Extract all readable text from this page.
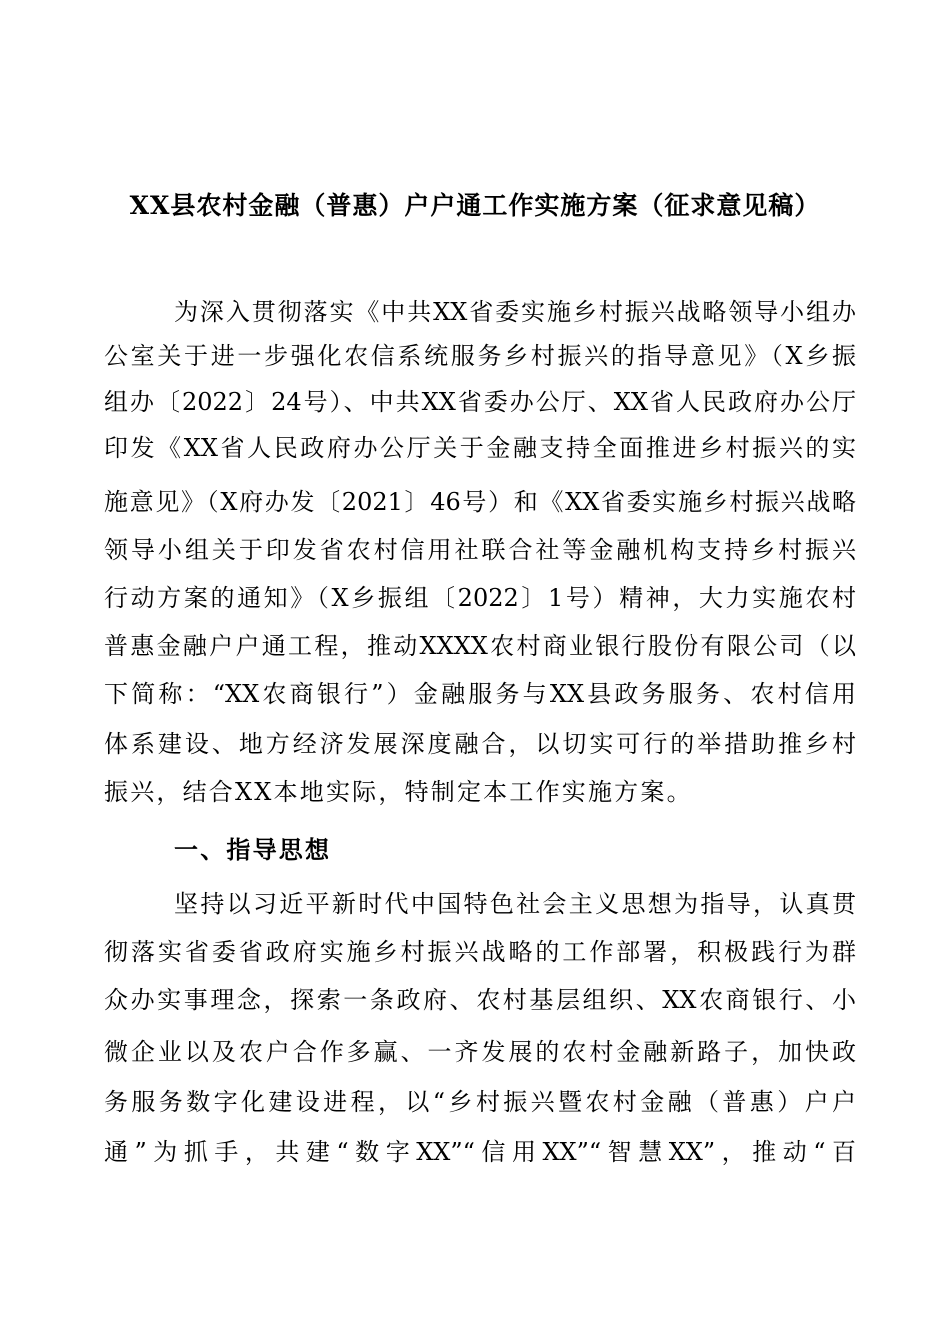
XX县农村金融（普惠）户户通工作实施方案（征求意见稿）
为深入贯彻落实《中共XX省委实施乡村振兴战略领导小组办
公室关于进一步强化农信系统服务乡村振兴的指导意见》（X乡振
组办〔2022〕24号）、中共XX省委办公厅、XX省人民政府办公厅
印发《XX省人民政府办公厅关于金融支持全面推进乡村振兴的实
施意见》（X府办发〔2021〕46号）和《XX省委实施乡村振兴战略
领导小组关于印发省农村信用社联合社等金融机构支持乡村振兴
行动方案的通知》（X乡振组〔2022〕1号）精神，大力实施农村
普惠金融户户通工程，推动XXXX农村商业银行股份有限公司（以
下简称：“XX农商银行”）金融服务与XX县政务服务、农村信用
体系建设、地方经济发展深度融合，以切实可行的举措助推乡村
振兴，结合XX本地实际，特制定本工作实施方案。
一、指导思想
坚持以习近平新时代中国特色社会主义思想为指导，认真贯
彻落实省委省政府实施乡村振兴战略的工作部署，积极践行为群
众办实事理念，探索一条政府、农村基层组织、XX农商银行、小
微企业以及农户合作多赢、一齐发展的农村金融新路子，加快政
务服务数字化建设进程，以“乡村振兴暨农村金融（普惠）户户
通”为抓手，共建“数字XX”“信用XX”“智慧XX”，推动“百
